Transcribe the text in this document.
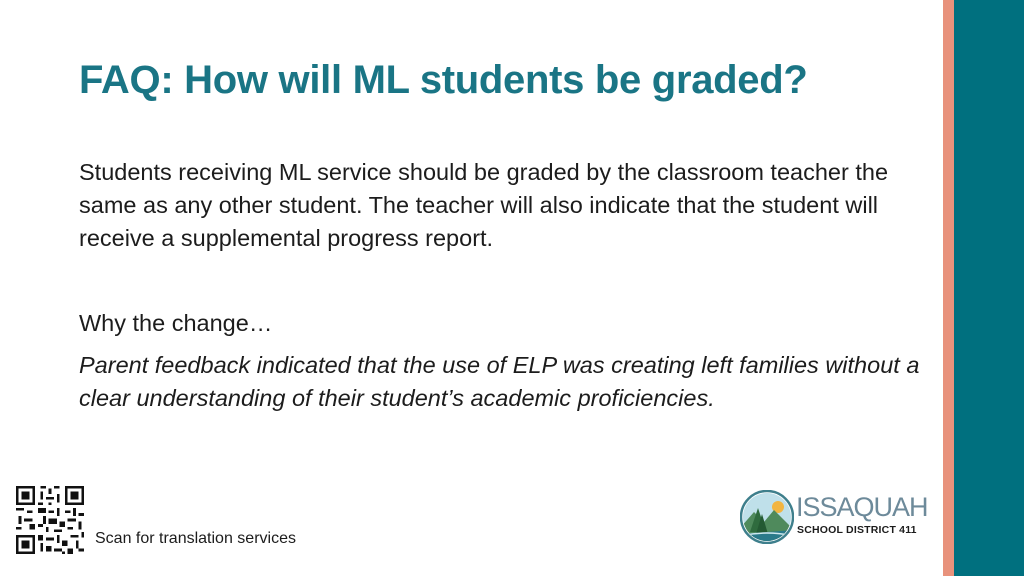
FAQ: How will ML students be graded?

Students receiving ML service should be graded by the classroom teacher the same as any other student. The teacher will also indicate that the student will receive a supplemental progress report.

Why the change…

Parent feedback indicated that the use of ELP was creating left families without a clear understanding of their student’s academic proficiencies.

Scan for translation services
ISSAQUAH
SCHOOL DISTRICT 411
